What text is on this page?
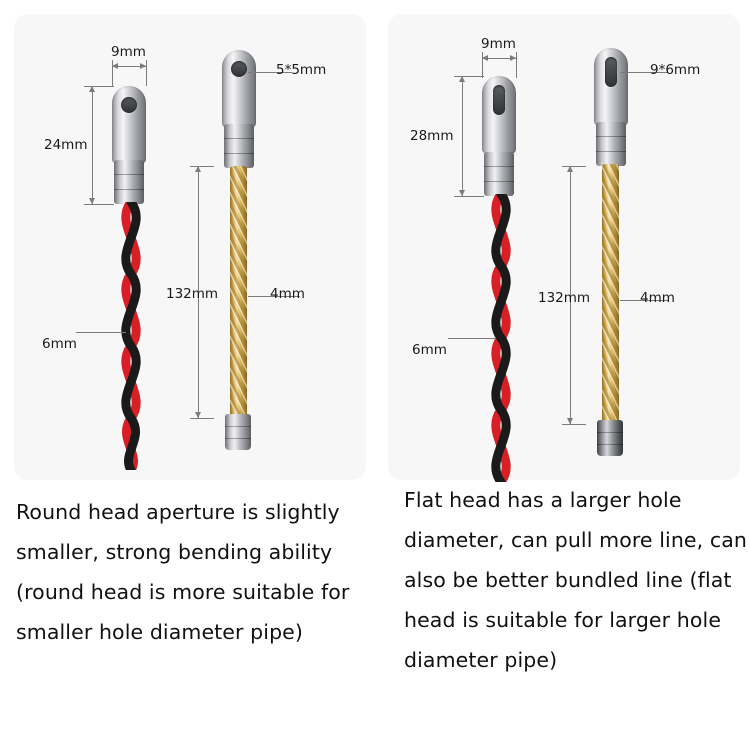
9mm
24mm
5*5mm
6mm
132mm	4mm
9mm
28mm
9*6mm
6mm
132mm	4mm
Round head aperture is slightly smaller, strong bending ability (round head is more suitable for smaller hole diameter pipe)
Flat head has a larger hole diameter, can pull more line, can also be better bundled line (flat head is suitable for larger hole diameter pipe)
